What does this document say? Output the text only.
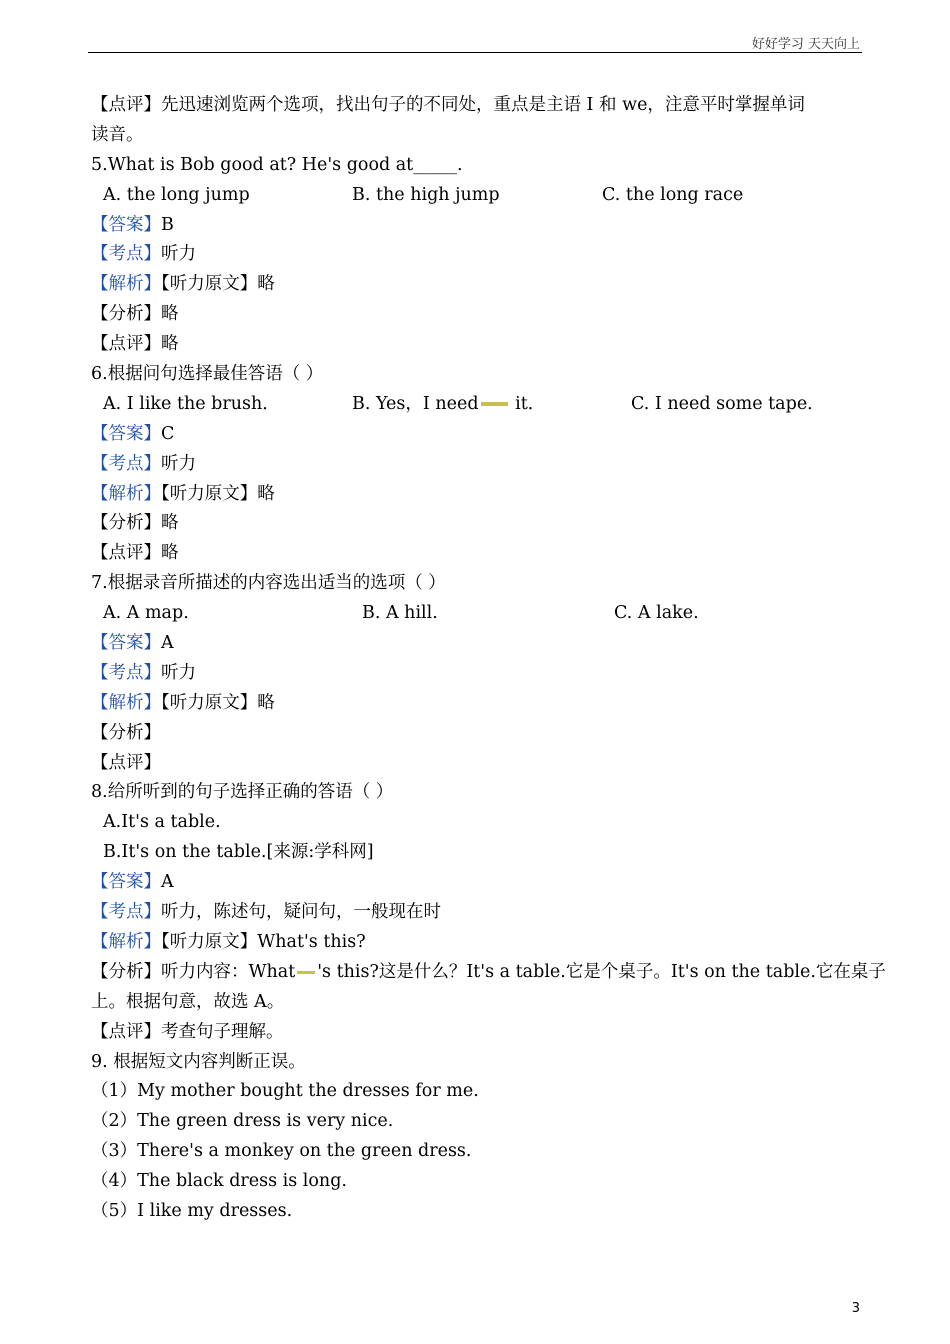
好好学习 天天向上
【点评】先迅速浏览两个选项，找出句子的不同处，重点是主语 I 和 we，注意平时掌握单词
读音。
5.What is Bob good at? He's good at_____.
A. the long jump	B. the high jump	C. the long race
【答案】B
【考点】听力
【解析】【听力原文】略
【分析】略
【点评】略
6.根据问句选择最佳答语（ ）
A. I like the brush．	B. Yes，I need it．	C. I need some tape．
【答案】C
【考点】听力
【解析】【听力原文】略
【分析】略
【点评】略
7.根据录音所描述的内容选出适当的选项（ ）
A. A map.	B. A hill.	C. A lake.
【答案】A
【考点】听力
【解析】【听力原文】略
【分析】
【点评】
8.给所听到的句子选择正确的答语（ ）
A.It's a table.
B.It's on the table.[来源:学科网]
【答案】A
【考点】听力，陈述句，疑问句，一般现在时
【解析】【听力原文】What's this?
【分析】听力内容：What 's this?这是什么？It's a table.它是个桌子。It's on the table.它在桌子
上。根据句意，故选 A。
【点评】考查句子理解。
9. 根据短文内容判断正误。
（1）My mother bought the dresses for me.
（2）The green dress is very nice.
（3）There's a monkey on the green dress.
（4）The black dress is long.
（5）I like my dresses.
3
